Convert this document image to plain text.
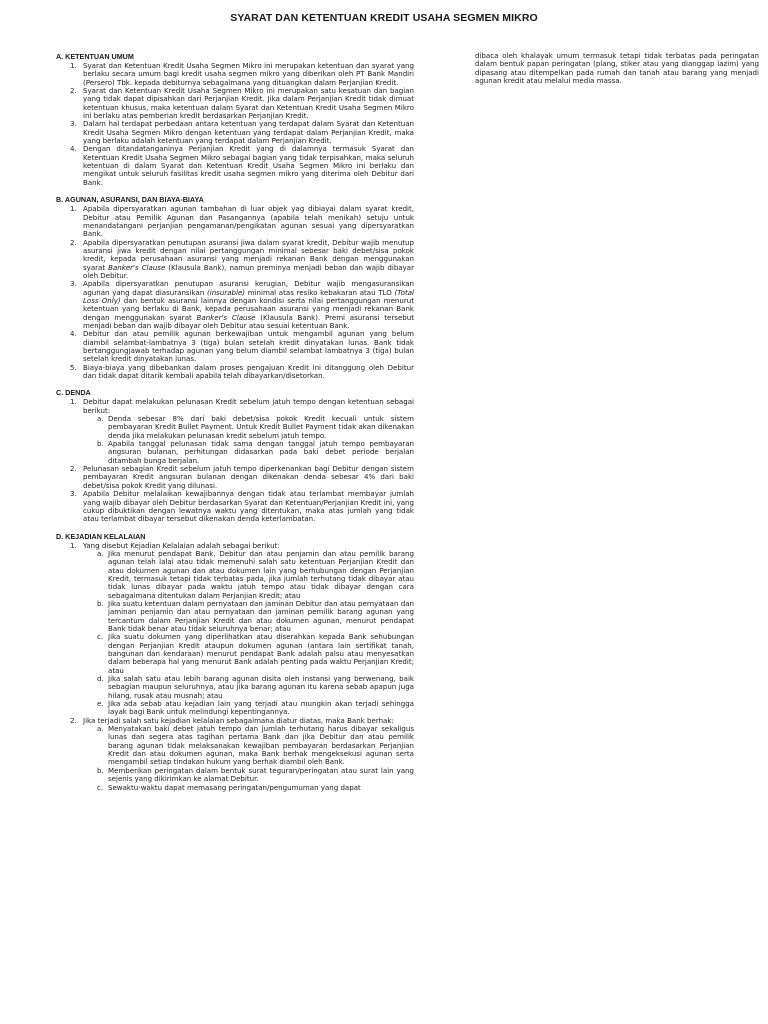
SYARAT DAN KETENTUAN KREDIT USAHA SEGMEN MIKRO
A. KETENTUAN UMUM
1. Syarat dan Ketentuan Kredit Usaha Segmen Mikro ini merupakan ketentuan dan syarat yang berlaku secara umum bagi kredit usaha segmen mikro yang diberikan oleh PT Bank Mandiri (Persero) Tbk. kepada debiturnya sebagaimana yang dituangkan dalam Perjanjian Kredit.
2. Syarat dan Ketentuan Kredit Usaha Segmen Mikro ini merupakan satu kesatuan dan bagian yang tidak dapat dipisahkan dari Perjanjian Kredit. Jika dalam Perjanjian Kredit tidak dimuat ketentuan khusus, maka ketentuan dalam Syarat dan Ketentuan Kredit Usaha Segmen Mikro ini berlaku atas pemberian kredit berdasarkan Perjanjian Kredit.
3. Dalam hal terdapat perbedaan antara ketentuan yang terdapat dalam Syarat dan Ketentuan Kredit Usaha Segmen Mikro dengan ketentuan yang terdapat dalam Perjanjian Kredit, maka yang berlaku adalah ketentuan yang terdapat dalam Perjanjian Kredit.
4. Dengan ditandatanganinya Perjanjian Kredit yang di dalamnya termasuk Syarat dan Ketentuan Kredit Usaha Segmen Mikro sebagai bagian yang tidak terpisahkan, maka seluruh ketentuan di dalam Syarat dan Ketentuan Kredit Usaha Segmen Mikro ini berlaku dan mengikat untuk seluruh fasilitas kredit usaha segmen mikro yang diterima oleh Debitur dari Bank.
B. AGUNAN, ASURANSI, DAN BIAYA-BIAYA
1. Apabila dipersyaratkan agunan tambahan di luar objek yag dibiayai dalam syarat kredit, Debitur atau Pemilik Agunan dan Pasangannya (apabila telah menikah) setuju untuk menandatangani perjanjian pengamanan/pengikatan agunan sesuai yang dipersyaratkan Bank.
2. Apabila dipersyaratkan penutupan asuransi jiwa dalam syarat kredit, Debitur wajib menutup asuransi jiwa kredit dengan nilai pertanggungan minimal sebesar baki debet/sisa pokok kredit, kepada perusahaan asuransi yang menjadi rekanan Bank dengan menggunakan syarat Banker's Clause (Klausula Bank), namun preminya menjadi beban dan wajib dibayar oleh Debitur.
3. Apabila dipersyaratkan penutupan asuransi kerugian, Debitur wajib mengasuransikan agunan yang dapat diasuransikan (insurable) minimal atas resiko kebakaran atau TLO (Total Loss Only) dan bentuk asuransi lainnya dengan kondisi serta nilai pertanggungan menurut ketentuan yang berlaku di Bank, kepada perusahaan asuransi yang menjadi rekanan Bank dengan menggunakan syarat Banker's Clause (Klausula Bank). Premi asuransi tersebut menjadi beban dan wajib dibayar oleh Debitur atau sesuai ketentuan Bank.
4. Debitur dan atau pemilik agunan berkewajiban untuk mengambil agunan yang belum diambil selambat-lambatnya 3 (tiga) bulan setelah kredit dinyatakan lunas. Bank tidak bertanggungjawab terhadap agunan yang belum diambil selambat lambatnya 3 (tiga) bulan setelah kredit dinyatakan lunas.
5. Biaya-biaya yang dibebankan dalam proses pengajuan Kredit ini ditanggung oleh Debitur dan tidak dapat ditarik kembali apabila telah dibayarkan/disetorkan.
C. DENDA
1. Debitur dapat melakukan pelunasan Kredit sebelum jatuh tempo dengan ketentuan sebagai berikut:
a. Denda sebesar 8% dari baki debet/sisa pokok Kredit kecuali untuk sistem pembayaran Kredit Bullet Payment. Untuk Kredit Bullet Payment tidak akan dikenakan denda jika melakukan pelunasan kredit sebelum jatuh tempo.
b. Apabila tanggal pelunasan tidak sama dengan tanggal jatuh tempo pembayaran angsuran bulanan, perhitungan didasarkan pada baki debet periode berjalan ditambah bunga berjalan.
2. Pelunasan sebagian Kredit sebelum jatuh tempo diperkenankan bagi Debitur dengan sistem pembayaran Kredit angsuran bulanan dengan dikenakan denda sebesar 4% dari baki debet/sisa pokok Kredit yang dilunasi.
3. Apabila Debitur melalaikan kewajibannya dengan tidak atau terlambat membayar jumlah yang wajib dibayar oleh Debitur berdasarkan Syarat dan Ketentuan/Perjanjian Kredit ini, yang cukup dibuktikan dengan lewatnya waktu yang ditentukan, maka atas jumlah yang tidak atau terlambat dibayar tersebut dikenakan denda keterlambatan.
D. KEJADIAN KELALAIAN
1. Yang disebut Kejadian Kelalaian adalah sebagai berikut:
a. Jika menurut pendapat Bank, Debitur dan atau penjamin dan atau pemilik barang agunan telah lalai atau tidak memenuhi salah satu ketentuan Perjanjian Kredit dan atau dokumen agunan dan atau dokumen lain yang berhubungan dengan Perjanjian Kredit, termasuk tetapi tidak terbatas pada, jika jumlah terhutang tidak dibayar atau tidak lunas dibayar pada waktu jatuh tempo atau tidak dibayar dengan cara sebagaimana ditentukan dalam Perjanjian Kredit; atau
b. Jika suatu ketentuan dalam pernyataan dan jaminan Debitur dan atau pernyataan dan jaminan penjamin dan atau pernyataan dan jaminan pemilik barang agunan yang tercantum dalam Perjanjian Kredit dan atau dokumen agunan, menurut pendapat Bank tidak benar atau tidak seluruhnya benar; atau
c. Jika suatu dokumen yang diperlihatkan atau diserahkan kepada Bank sehubungan dengan Perjanjian Kredit ataupun dokumen agunan (antara lain sertifikat tanah, bangunan dan kendaraan) menurut pendapat Bank adalah palsu atau menyesatkan dalam beberapa hal yang menurut Bank adalah penting pada waktu Perjanjian Kredit; atau
d. Jika salah satu atau lebih barang agunan disita oleh instansi yang berwenang, baik sebagian maupun seluruhnya, atau jika barang agunan itu karena sebab apapun juga hilang, rusak atau musnah; atau
e. Jika ada sebab atau kejadian lain yang terjadi atau mungkin akan terjadi sehingga layak bagi Bank untuk melindungi kepentingannya.
2. Jika terjadi salah satu kejadian kelalaian sebagaimana diatur diatas, maka Bank berhak:
a. Menyatakan baki debet jatuh tempo dan jumlah terhutang harus dibayar sekaligus lunas dan segera atas tagihan pertama Bank dan jika Debitur dan atau pemilik barang agunan tidak melaksanakan kewajiban pembayaran berdasarkan Perjanjian Kredit dan atau dokumen agunan, maka Bank berhak mengeksekusi agunan serta mengambil setiap tindakan hukum yang berhak diambil oleh Bank.
b. Memberikan peringatan dalam bentuk surat teguran/peringatan atau surat lain yang sejenis yang dikirimkan ke alamat Debitur.
c. Sewaktu-waktu dapat memasang peringatan/pengumuman yang dapat
dibaca oleh khalayak umum termasuk tetapi tidak terbatas pada peringatan dalam bentuk papan peringatan (plang, stiker atau yang dianggap lazim) yang dipasang atau ditempelkan pada rumah dan tanah atau barang yang menjadi agunan kredit atau melalui media massa.
